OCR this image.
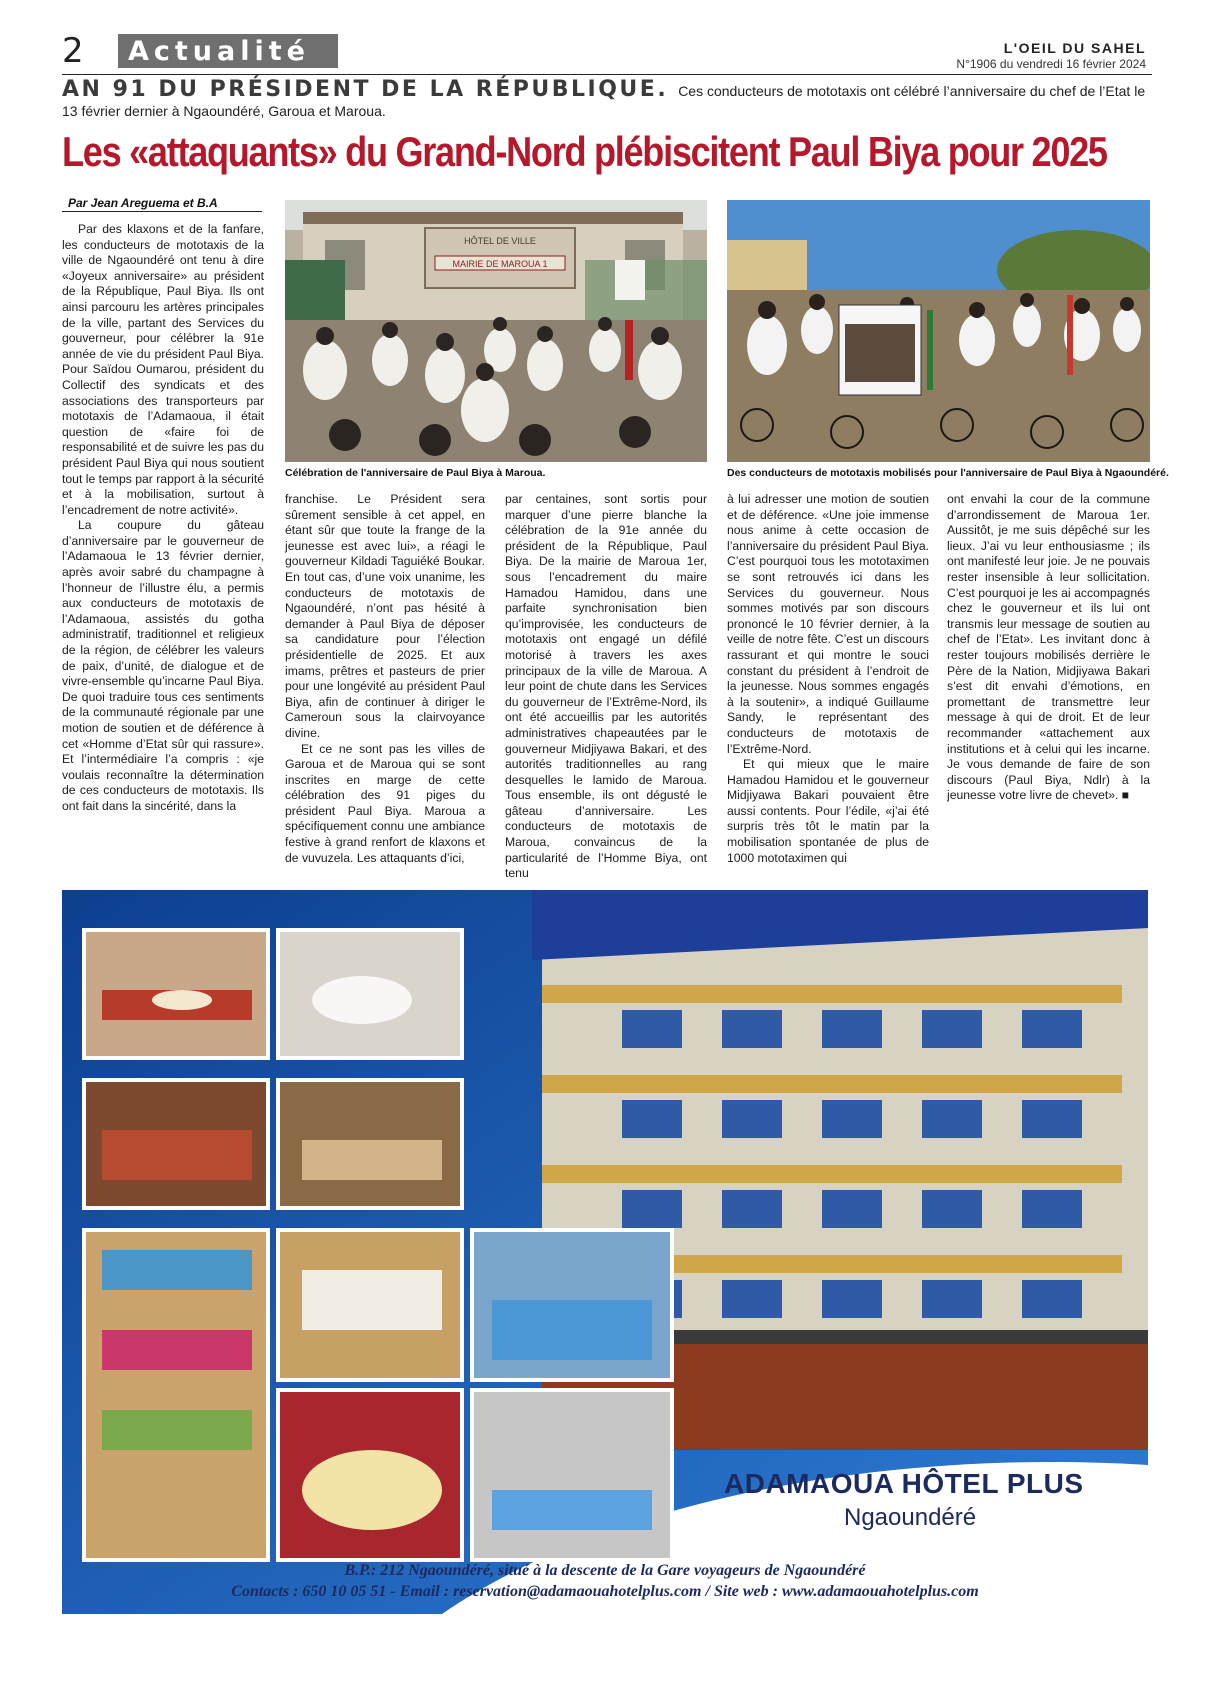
2 Actualité	L'OEIL DU SAHEL
N°1906 du vendredi 16 février 2024
AN 91 DU PRÉSIDENT DE LA RÉPUBLIQUE. Ces conducteurs de mototaxis ont célébré l’anniversaire du chef de l’Etat le 13 février dernier à Ngaoundéré, Garoua et Maroua.
Les «attaquants» du Grand-Nord plébiscitent Paul Biya pour 2025
Par Jean Areguema et B.A

Par des klaxons et de la fanfare, les conducteurs de mototaxis de la ville de Ngaoundéré ont tenu à dire «Joyeux anniversaire» au président de la République, Paul Biya. Ils ont ainsi parcouru les artères principales de la ville, partant des Services du gouverneur, pour célébrer la 91e année de vie du président Paul Biya. Pour Saïdou Oumarou, président du Collectif des syndicats et des associations des transporteurs par mototaxis de l’Adamaoua, il était question de «faire foi de responsabilité et de suivre les pas du président Paul Biya qui nous soutient tout le temps par rapport à la sécurité et à la mobilisation, surtout à l’encadrement de notre activité».

La coupure du gâteau d’anniversaire par le gouverneur de l’Adamaoua le 13 février dernier, après avoir sabré du champagne à l’honneur de l’illustre élu, a permis aux conducteurs de mototaxis de l’Adamaoua, assistés du gotha administratif, traditionnel et religieux de la région, de célébrer les valeurs de paix, d’unité, de dialogue et de vivre-ensemble qu’incarne Paul Biya. De quoi traduire tous ces sentiments de la communauté régionale par une motion de soutien et de déférence à cet «Homme d’Etat sûr qui rassure». Et l’intermédiaire l’a compris : «je voulais reconnaître la détermination de ces conducteurs de mototaxis. Ils ont fait dans la sincérité, dans la

HÔTEL DE VILLE
MAIRIE DE MAROUA 1
Célébration de l'anniversaire de Paul Biya à Maroua.	Des conducteurs de mototaxis mobilisés pour l'anniversaire de Paul Biya à Ngaoundéré.

franchise. Le Président sera sûrement sensible à cet appel, en étant sûr que toute la frange de la jeunesse est avec lui», a réagi le gouverneur Kildadi Taguiéké Boukar. En tout cas, d’une voix unanime, les conducteurs de mototaxis de Ngaoundéré, n’ont pas hésité à demander à Paul Biya de déposer sa candidature pour l’élection présidentielle de 2025. Et aux imams, prêtres et pasteurs de prier pour une longévité au président Paul Biya, afin de continuer à diriger le Cameroun sous la clairvoyance divine.

Et ce ne sont pas les villes de Garoua et de Maroua qui se sont inscrites en marge de cette célébration des 91 piges du président Paul Biya. Maroua a spécifiquement connu une ambiance festive à grand renfort de klaxons et de vuvuzela. Les attaquants d’ici,

par centaines, sont sortis pour marquer d’une pierre blanche la célébration de la 91e année du président de la République, Paul Biya. De la mairie de Maroua 1er, sous l’encadrement du maire Hamadou Hamidou, dans une parfaite synchronisation bien qu’improvisée, les conducteurs de mototaxis ont engagé un défilé motorisé à travers les axes principaux de la ville de Maroua. A leur point de chute dans les Services du gouverneur de l’Extrême-Nord, ils ont été accueillis par les autorités administratives chapeautées par le gouverneur Midjiyawa Bakari, et des autorités traditionnelles au rang desquelles le lamido de Maroua. Tous ensemble, ils ont dégusté le gâteau d’anniversaire. Les conducteurs de mototaxis de Maroua, convaincus de la particularité de l’Homme Biya, ont tenu

à lui adresser une motion de soutien et de déférence. «Une joie immense nous anime à cette occasion de l’anniversaire du président Paul Biya. C’est pourquoi tous les mototaximen se sont retrouvés ici dans les Services du gouverneur. Nous sommes motivés par son discours prononcé le 10 février dernier, à la veille de notre fête. C’est un discours rassurant et qui montre le souci constant du président à l’endroit de la jeunesse. Nous sommes engagés à la soutenir», a indiqué Guillaume Sandy, le représentant des conducteurs de mototaxis de l’Extrême-Nord.

Et qui mieux que le maire Hamadou Hamidou et le gouverneur Midjiyawa Bakari pouvaient être aussi contents. Pour l’édile, «j’ai été surpris très tôt le matin par la mobilisation spontanée de plus de 1000 mototaximen qui

ont envahi la cour de la commune d’arrondissement de Maroua 1er. Aussitôt, je me suis dépêché sur les lieux. J’ai vu leur enthousiasme ; ils ont manifesté leur joie. Je ne pouvais rester insensible à leur sollicitation. C’est pourquoi je les ai accompagnés chez le gouverneur et ils lui ont transmis leur message de soutien au chef de l’Etat». Les invitant donc à rester toujours mobilisés derrière le Père de la Nation, Midjiyawa Bakari s’est dit envahi d’émotions, en promettant de transmettre leur message à qui de droit. Et de leur recommander «attachement aux institutions et à celui qui les incarne. Je vous demande de faire de son discours (Paul Biya, Ndlr) à la jeunesse votre livre de chevet». ■

ADAMAOUA HÔTEL PLUS
Ngaoundéré
B.P.: 212 Ngaoundéré, situé à la descente de la Gare voyageurs de Ngaoundéré
Contacts : 650 10 05 51 - Email : reservation@adamaouahotelplus.com / Site web : www.adamaouahotelplus.com
